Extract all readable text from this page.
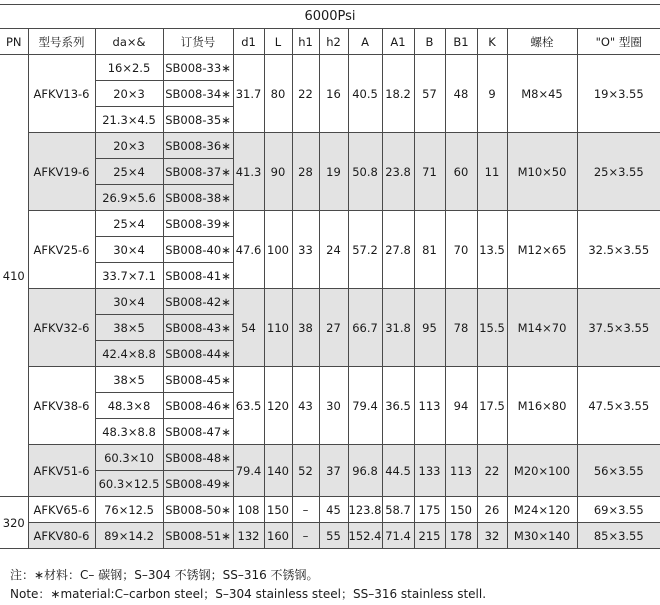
6000Psi														
PN	型号系列	da×&	订货号	d1	L	h1	h2	A	A1	B	B1	K	螺栓	"O" 型圈
410	AFKV13-6	16×2.5	SB008-33∗	31.7	80	22	16	40.5	18.2	57	48	9	M8×45	19×3.55
		20×3	SB008-34∗											
		21.3×4.5	SB008-35∗											
	AFKV19-6	20×3	SB008-36∗	41.3	90	28	19	50.8	23.8	71	60	11	M10×50	25×3.55
		25×4	SB008-37∗											
		26.9×5.6	SB008-38∗											
	AFKV25-6	25×4	SB008-39∗	47.6	100	33	24	57.2	27.8	81	70	13.5	M12×65	32.5×3.55
		30×4	SB008-40∗											
		33.7×7.1	SB008-41∗											
	AFKV32-6	30×4	SB008-42∗	54	110	38	27	66.7	31.8	95	78	15.5	M14×70	37.5×3.55
		38×5	SB008-43∗											
		42.4×8.8	SB008-44∗											
	AFKV38-6	38×5	SB008-45∗	63.5	120	43	30	79.4	36.5	113	94	17.5	M16×80	47.5×3.55
		48.3×8	SB008-46∗											
		48.3×8.8	SB008-47∗											
	AFKV51-6	60.3×10	SB008-48∗	79.4	140	52	37	96.8	44.5	133	113	22	M20×100	56×3.55
		60.3×12.5	SB008-49∗											
320	AFKV65-6	76×12.5	SB008-50∗	108	150	–	45	123.8	58.7	175	150	26	M24×120	69×3.55
	AFKV80-6	89×14.2	SB008-51∗	132	160	–	55	152.4	71.4	215	178	32	M30×140	85×3.55
注：∗材料：C– 碳钢；S–304 不锈钢；SS–316 不锈钢。
Note：∗material:C–carbon steel；S–304 stainless steel；SS–316 stainless stell.
